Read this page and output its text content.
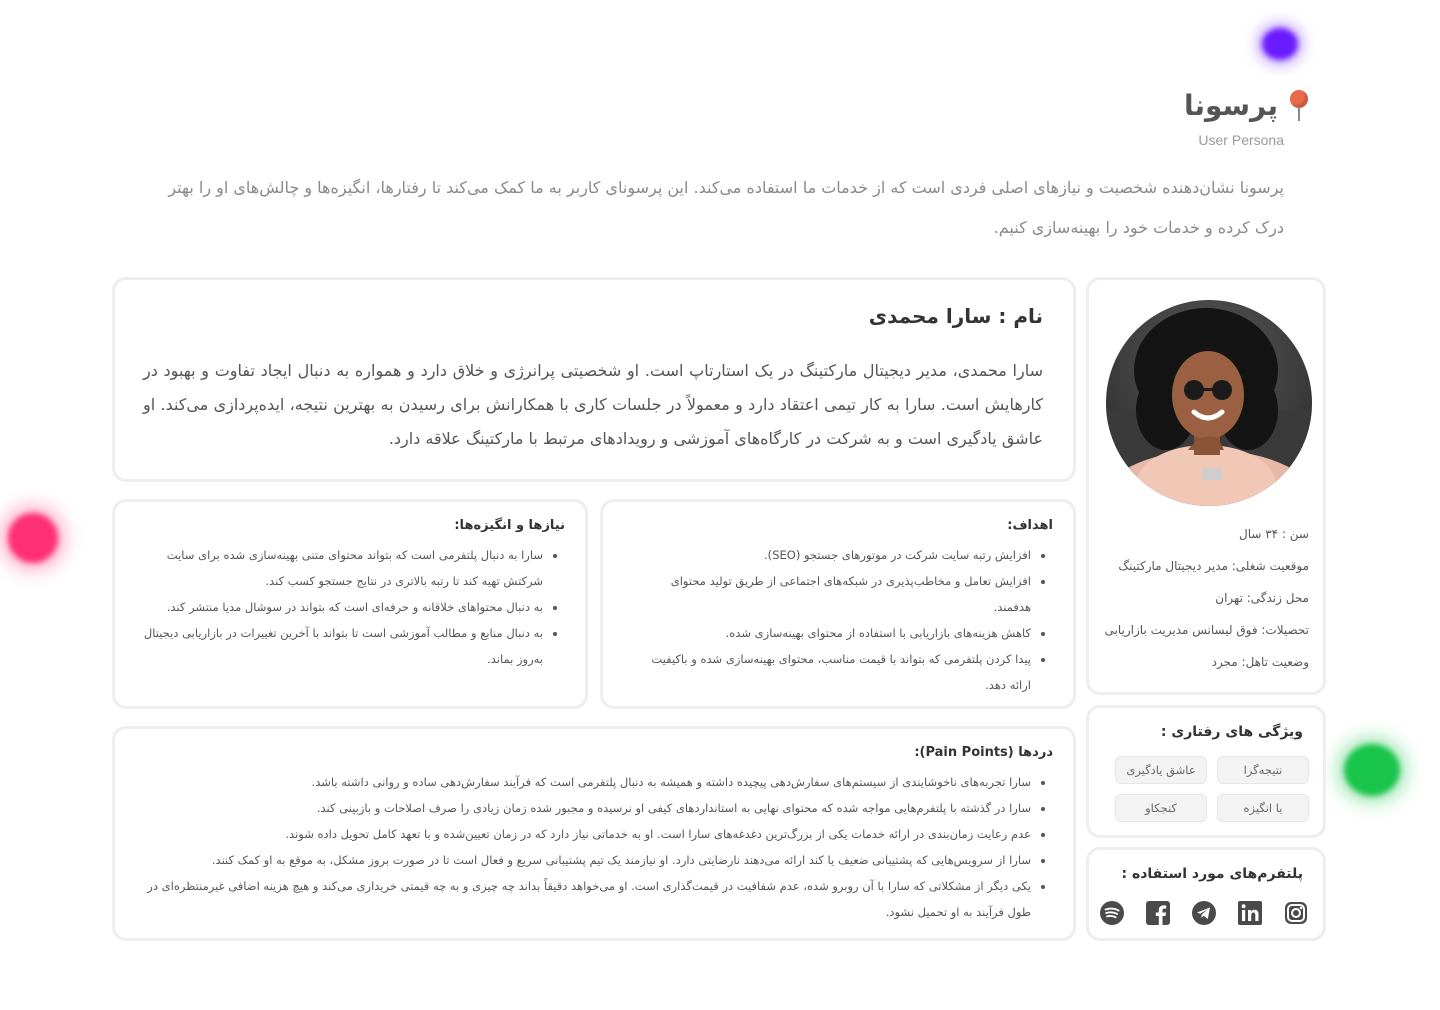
پرسونا
User Persona

پرسونا نشان‌دهنده شخصیت و نیازهای اصلی فردی است که از خدمات ما استفاده می‌کند. این پرسونای کاربر به ما کمک می‌کند تا رفتارها، انگیزه‌ها و چالش‌های او را بهتر درک کرده و خدمات خود را بهینه‌سازی کنیم.

سن : ۳۴ سال
موقعیت شغلی: مدیر دیجیتال مارکتینگ
محل زندگی: تهران
تحصیلات: فوق لیسانس مدیریت بازاریابی
وضعیت تاهل: مجرد
نام : سارا محمدی

سارا محمدی، مدیر دیجیتال مارکتینگ در یک استارتاپ است. او شخصیتی پرانرژی و خلاق دارد و همواره به دنبال ایجاد تفاوت و بهبود در کارهایش است. سارا به کار تیمی اعتقاد دارد و معمولاً در جلسات کاری با همکارانش برای رسیدن به بهترین نتیجه، ایده‌پردازی می‌کند. او عاشق یادگیری است و به شرکت در کارگاه‌های آموزشی و رویدادهای مرتبط با مارکتینگ علاقه دارد.

اهداف:
• افزایش رتبه سایت شرکت در موتورهای جستجو (SEO).
• افزایش تعامل و مخاطب‌پذیری در شبکه‌های اجتماعی از طریق تولید محتوای هدفمند.
• کاهش هزینه‌های بازاریابی با استفاده از محتوای بهینه‌سازی شده.
• پیدا کردن پلتفرمی که بتواند با قیمت مناسب، محتوای بهینه‌سازی شده و باکیفیت ارائه دهد.
نیازها و انگیزه‌ها:
• سارا به دنبال پلتفرمی است که بتواند محتوای متنی بهینه‌سازی شده برای سایت شرکتش تهیه کند تا رتبه بالاتری در نتایج جستجو کسب کند.
• به دنبال محتواهای خلاقانه و حرفه‌ای است که بتواند در سوشال مدیا منتشر کند.
• به دنبال منابع و مطالب آموزشی است تا بتواند با آخرین تغییرات در بازاریابی دیجیتال به‌روز بماند.
دردها (Pain Points):
• سارا تجربه‌های ناخوشایندی از سیستم‌های سفارش‌دهی پیچیده داشته و همیشه به دنبال پلتفرمی است که فرآیند سفارش‌دهی ساده و روانی داشته باشد.
• سارا در گذشته با پلتفرم‌هایی مواجه شده که محتوای نهایی به استانداردهای کیفی او نرسیده و مجبور شده زمان زیادی را صرف اصلاحات و بازبینی کند.
• عدم رعایت زمان‌بندی در ارائه خدمات یکی از بزرگ‌ترین دغدغه‌های سارا است. او به خدماتی نیاز دارد که در زمان تعیین‌شده و با تعهد کامل تحویل داده شوند.
• سارا از سرویس‌هایی که پشتیبانی ضعیف یا کند ارائه می‌دهند نارضایتی دارد. او نیازمند یک تیم پشتیبانی سریع و فعال است تا در صورت بروز مشکل، به موقع به او کمک کنند.
• یکی دیگر از مشکلاتی که سارا با آن روبرو شده، عدم شفافیت در قیمت‌گذاری است. او می‌خواهد دقیقاً بداند چه چیزی و به چه قیمتی خریداری می‌کند و هیچ هزینه اضافی غیرمنتظره‌ای در طول فرآیند به او تحمیل نشود.
ویژگی های رفتاری :
نتیجه‌گرا
عاشق یادگیری
با انگیزه
کنجکاو
پلتفرم‌های مورد استفاده :
